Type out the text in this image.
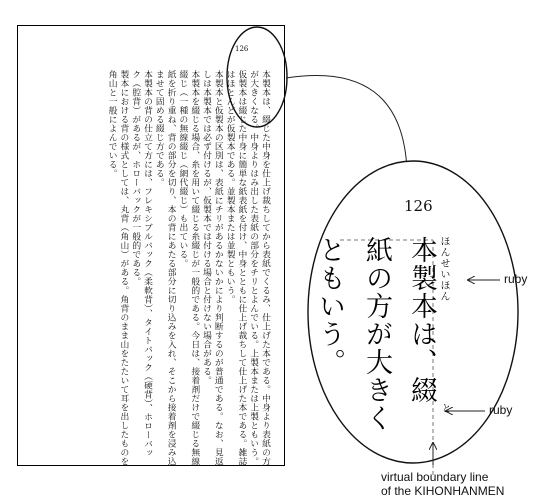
本製本は、綴じた中身を仕上げ裁ちしてから表紙でくるみ、仕上げた本である。中身より表紙の方が大きくなる。中身よりはみ出した表紙の部分をチリとよんでいる。上製本または上製ともいう。
仮製本は綴じた中身に簡単な紙表紙を付け、中身とともに仕上げ裁ちして仕上げた本である。雑誌はほとんどが仮製本である。並製本または並製ともいう。
本製本と仮製本の区別は、表紙にチリがあるかないかにより判断するのが普通である。なお、見返しは本製本では必ず付けるが、仮製本では付ける場合と付けない場合がある。
本製本を綴じる場合、糸を用いて綴じる糸綴じが一般的である。今日は、接着剤だけで綴じる無線綴じ（一種の無線綴じ（網代綴じ）も出ている。
紙を折り重ね、背の部分を切り、本の背にあたる部分に切り込みを入れ、そこから接着剤を浸み込ませて固める綴じ方である。
本製本の背の仕立て方には、フレキシブルバック（柔軟背）、タイトバック（硬背）、ホローバック（腔背）があるが、ホローバックが一般的である。
製本における背の様式としては、丸背（角山）がある。角背のまま山をたたいて耳を出したものを角山と一般によんでいる。
126
126
本製本は、綴
紙の方が大きく
ともいう。	ほんせいほん
と
ruby
ruby
virtual boundary line
of the KIHONHANMEN
